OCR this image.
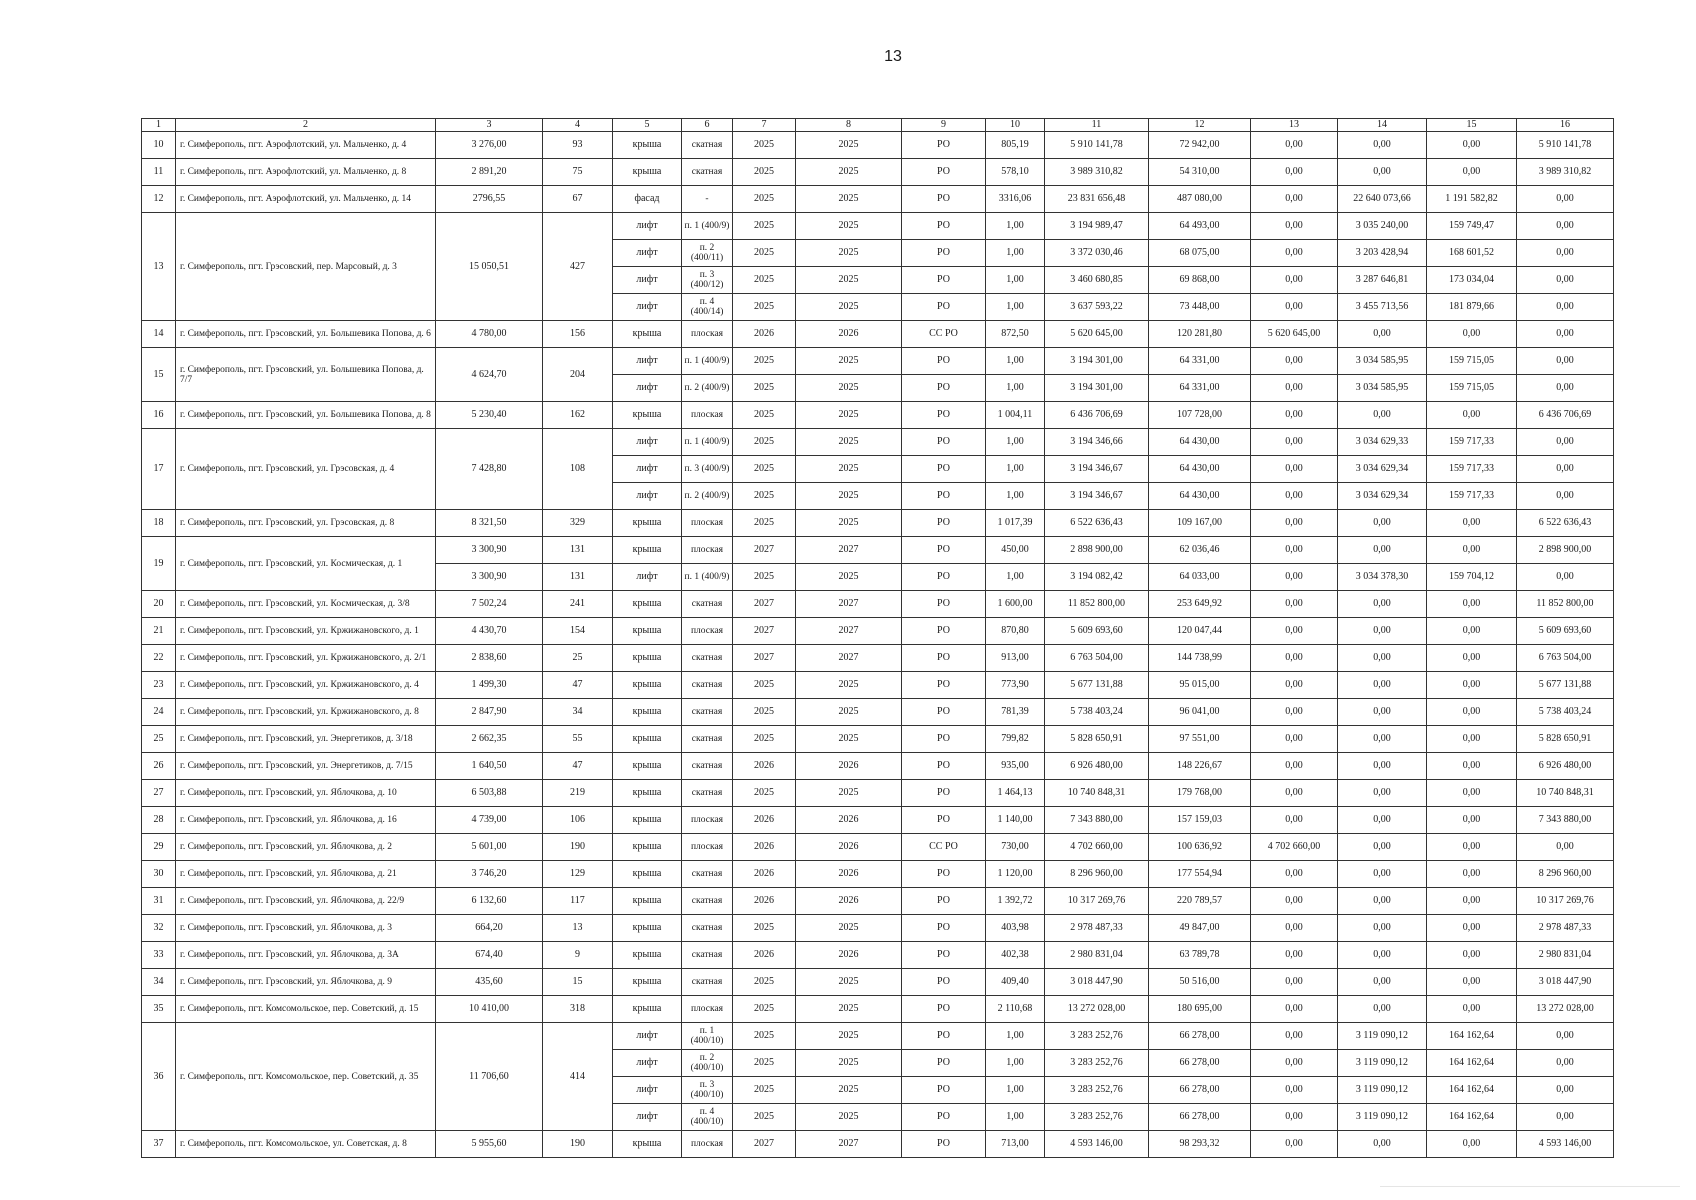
13
1	2	3	4	5	6	7	8	9	10	11	12	13	14	15	16
10	г. Симферополь, пгт. Аэрофлотский, ул. Мальченко, д. 4	3 276,00	93	крыша	скатная	2025	2025	РО	805,19	5 910 141,78	72 942,00	0,00	0,00	0,00	5 910 141,78
11	г. Симферополь, пгт. Аэрофлотский, ул. Мальченко, д. 8	2 891,20	75	крыша	скатная	2025	2025	РО	578,10	3 989 310,82	54 310,00	0,00	0,00	0,00	3 989 310,82
12	г. Симферополь, пгт. Аэрофлотский, ул. Мальченко, д. 14	2796,55	67	фасад	-	2025	2025	РО	3316,06	23 831 656,48	487 080,00	0,00	22 640 073,66	1 191 582,82	0,00
13	г. Симферополь, пгт. Грэсовский, пер. Марсовый, д. 3	15 050,51	427	лифт	п. 1 (400/9)	2025	2025	РО	1,00	3 194 989,47	64 493,00	0,00	3 035 240,00	159 749,47	0,00
				лифт	п. 2 (400/11)	2025	2025	РО	1,00	3 372 030,46	68 075,00	0,00	3 203 428,94	168 601,52	0,00
				лифт	п. 3 (400/12)	2025	2025	РО	1,00	3 460 680,85	69 868,00	0,00	3 287 646,81	173 034,04	0,00
				лифт	п. 4 (400/14)	2025	2025	РО	1,00	3 637 593,22	73 448,00	0,00	3 455 713,56	181 879,66	0,00
14	г. Симферополь, пгт. Грэсовский, ул. Большевика Попова, д. 6	4 780,00	156	крыша	плоская	2026	2026	СС РО	872,50	5 620 645,00	120 281,80	5 620 645,00	0,00	0,00	0,00
15	г. Симферополь, пгт. Грэсовский, ул. Большевика Попова, д. 7/7	4 624,70	204	лифт	п. 1 (400/9)	2025	2025	РО	1,00	3 194 301,00	64 331,00	0,00	3 034 585,95	159 715,05	0,00
				лифт	п. 2 (400/9)	2025	2025	РО	1,00	3 194 301,00	64 331,00	0,00	3 034 585,95	159 715,05	0,00
16	г. Симферополь, пгт. Грэсовский, ул. Большевика Попова, д. 8	5 230,40	162	крыша	плоская	2025	2025	РО	1 004,11	6 436 706,69	107 728,00	0,00	0,00	0,00	6 436 706,69
17	г. Симферополь, пгт. Грэсовский, ул. Грэсовская, д. 4	7 428,80	108	лифт	п. 1 (400/9)	2025	2025	РО	1,00	3 194 346,66	64 430,00	0,00	3 034 629,33	159 717,33	0,00
				лифт	п. 3 (400/9)	2025	2025	РО	1,00	3 194 346,67	64 430,00	0,00	3 034 629,34	159 717,33	0,00
				лифт	п. 2 (400/9)	2025	2025	РО	1,00	3 194 346,67	64 430,00	0,00	3 034 629,34	159 717,33	0,00
18	г. Симферополь, пгт. Грэсовский, ул. Грэсовская, д. 8	8 321,50	329	крыша	плоская	2025	2025	РО	1 017,39	6 522 636,43	109 167,00	0,00	0,00	0,00	6 522 636,43
19	г. Симферополь, пгт. Грэсовский, ул. Космическая, д. 1	3 300,90	131	крыша	плоская	2027	2027	РО	450,00	2 898 900,00	62 036,46	0,00	0,00	0,00	2 898 900,00
		3 300,90	131	лифт	п. 1 (400/9)	2025	2025	РО	1,00	3 194 082,42	64 033,00	0,00	3 034 378,30	159 704,12	0,00
20	г. Симферополь, пгт. Грэсовский, ул. Космическая, д. 3/8	7 502,24	241	крыша	скатная	2027	2027	РО	1 600,00	11 852 800,00	253 649,92	0,00	0,00	0,00	11 852 800,00
21	г. Симферополь, пгт. Грэсовский, ул. Кржижановского, д. 1	4 430,70	154	крыша	плоская	2027	2027	РО	870,80	5 609 693,60	120 047,44	0,00	0,00	0,00	5 609 693,60
22	г. Симферополь, пгт. Грэсовский, ул. Кржижановского, д. 2/1	2 838,60	25	крыша	скатная	2027	2027	РО	913,00	6 763 504,00	144 738,99	0,00	0,00	0,00	6 763 504,00
23	г. Симферополь, пгт. Грэсовский, ул. Кржижановского, д. 4	1 499,30	47	крыша	скатная	2025	2025	РО	773,90	5 677 131,88	95 015,00	0,00	0,00	0,00	5 677 131,88
24	г. Симферополь, пгт. Грэсовский, ул. Кржижановского, д. 8	2 847,90	34	крыша	скатная	2025	2025	РО	781,39	5 738 403,24	96 041,00	0,00	0,00	0,00	5 738 403,24
25	г. Симферополь, пгт. Грэсовский, ул. Энергетиков, д. 3/18	2 662,35	55	крыша	скатная	2025	2025	РО	799,82	5 828 650,91	97 551,00	0,00	0,00	0,00	5 828 650,91
26	г. Симферополь, пгт. Грэсовский, ул. Энергетиков, д. 7/15	1 640,50	47	крыша	скатная	2026	2026	РО	935,00	6 926 480,00	148 226,67	0,00	0,00	0,00	6 926 480,00
27	г. Симферополь, пгт. Грэсовский, ул. Яблочкова, д. 10	6 503,88	219	крыша	скатная	2025	2025	РО	1 464,13	10 740 848,31	179 768,00	0,00	0,00	0,00	10 740 848,31
28	г. Симферополь, пгт. Грэсовский, ул. Яблочкова, д. 16	4 739,00	106	крыша	плоская	2026	2026	РО	1 140,00	7 343 880,00	157 159,03	0,00	0,00	0,00	7 343 880,00
29	г. Симферополь, пгт. Грэсовский, ул. Яблочкова, д. 2	5 601,00	190	крыша	плоская	2026	2026	СС РО	730,00	4 702 660,00	100 636,92	4 702 660,00	0,00	0,00	0,00
30	г. Симферополь, пгт. Грэсовский, ул. Яблочкова, д. 21	3 746,20	129	крыша	скатная	2026	2026	РО	1 120,00	8 296 960,00	177 554,94	0,00	0,00	0,00	8 296 960,00
31	г. Симферополь, пгт. Грэсовский, ул. Яблочкова, д. 22/9	6 132,60	117	крыша	скатная	2026	2026	РО	1 392,72	10 317 269,76	220 789,57	0,00	0,00	0,00	10 317 269,76
32	г. Симферополь, пгт. Грэсовский, ул. Яблочкова, д. 3	664,20	13	крыша	скатная	2025	2025	РО	403,98	2 978 487,33	49 847,00	0,00	0,00	0,00	2 978 487,33
33	г. Симферополь, пгт. Грэсовский, ул. Яблочкова, д. 3А	674,40	9	крыша	скатная	2026	2026	РО	402,38	2 980 831,04	63 789,78	0,00	0,00	0,00	2 980 831,04
34	г. Симферополь, пгт. Грэсовский, ул. Яблочкова, д. 9	435,60	15	крыша	скатная	2025	2025	РО	409,40	3 018 447,90	50 516,00	0,00	0,00	0,00	3 018 447,90
35	г. Симферополь, пгт. Комсомольское, пер. Советский, д. 15	10 410,00	318	крыша	плоская	2025	2025	РО	2 110,68	13 272 028,00	180 695,00	0,00	0,00	0,00	13 272 028,00
36	г. Симферополь, пгт. Комсомольское, пер. Советский, д. 35	11 706,60	414	лифт	п. 1 (400/10)	2025	2025	РО	1,00	3 283 252,76	66 278,00	0,00	3 119 090,12	164 162,64	0,00
				лифт	п. 2 (400/10)	2025	2025	РО	1,00	3 283 252,76	66 278,00	0,00	3 119 090,12	164 162,64	0,00
				лифт	п. 3 (400/10)	2025	2025	РО	1,00	3 283 252,76	66 278,00	0,00	3 119 090,12	164 162,64	0,00
				лифт	п. 4 (400/10)	2025	2025	РО	1,00	3 283 252,76	66 278,00	0,00	3 119 090,12	164 162,64	0,00
37	г. Симферополь, пгт. Комсомольское, ул. Советская, д. 8	5 955,60	190	крыша	плоская	2027	2027	РО	713,00	4 593 146,00	98 293,32	0,00	0,00	0,00	4 593 146,00
